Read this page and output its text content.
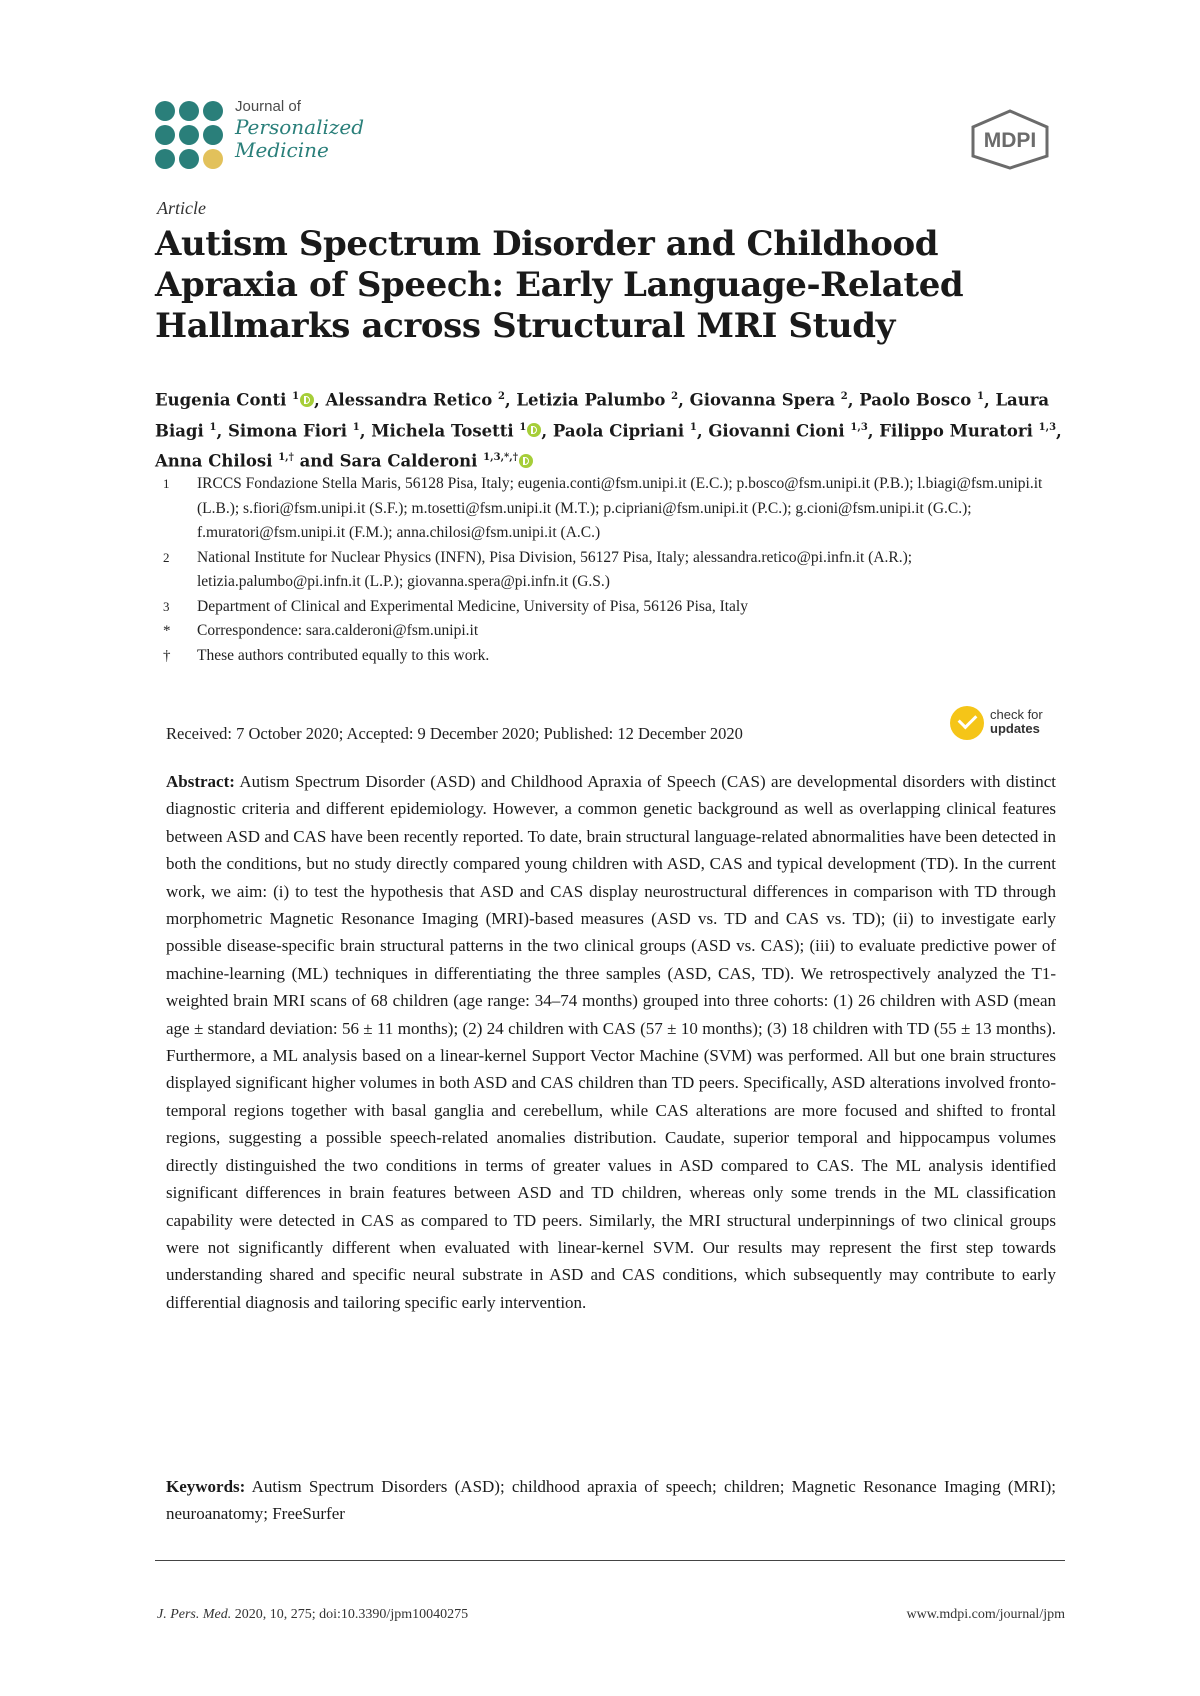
Journal of
Personalized
Medicine	MDPI
Article
Autism Spectrum Disorder and Childhood Apraxia of Speech: Early Language-Related Hallmarks across Structural MRI Study

Eugenia Conti $^1$ , Alessandra Retico $^2$, Letizia Palumbo $^2$, Giovanna Spera $^2$, Paolo Bosco $^1$, Laura Biagi $^1$, Simona Fiori $^1$, Michela Tosetti $^1$ , Paola Cipriani $^1$, Giovanni Cioni $^{1,3}$, Filippo Muratori $^{1,3}$, Anna Chilosi $^{1,\dagger}$ and Sara Calderoni $^{1,3,*,\dagger}$

1	IRCCS Fondazione Stella Maris, 56128 Pisa, Italy; eugenia.conti@fsm.unipi.it (E.C.); p.bosco@fsm.unipi.it (P.B.); l.biagi@fsm.unipi.it (L.B.); s.fiori@fsm.unipi.it (S.F.); m.tosetti@fsm.unipi.it (M.T.); p.cipriani@fsm.unipi.it (P.C.); g.cioni@fsm.unipi.it (G.C.); f.muratori@fsm.unipi.it (F.M.); anna.chilosi@fsm.unipi.it (A.C.)
2	National Institute for Nuclear Physics (INFN), Pisa Division, 56127 Pisa, Italy; alessandra.retico@pi.infn.it (A.R.); letizia.palumbo@pi.infn.it (L.P.); giovanna.spera@pi.infn.it (G.S.)
3	Department of Clinical and Experimental Medicine, University of Pisa, 56126 Pisa, Italy
*	Correspondence: sara.calderoni@fsm.unipi.it
†	These authors contributed equally to this work.
Received: 7 October 2020; Accepted: 9 December 2020; Published: 12 December 2020
check for
updates

Abstract: Autism Spectrum Disorder (ASD) and Childhood Apraxia of Speech (CAS) are developmental disorders with distinct diagnostic criteria and different epidemiology. However, a common genetic background as well as overlapping clinical features between ASD and CAS have been recently reported. To date, brain structural language-related abnormalities have been detected in both the conditions, but no study directly compared young children with ASD, CAS and typical development (TD). In the current work, we aim: (i) to test the hypothesis that ASD and CAS display neurostructural differences in comparison with TD through morphometric Magnetic Resonance Imaging (MRI)-based measures (ASD vs. TD and CAS vs. TD); (ii) to investigate early possible disease-specific brain structural patterns in the two clinical groups (ASD vs. CAS); (iii) to evaluate predictive power of machine-learning (ML) techniques in differentiating the three samples (ASD, CAS, TD). We retrospectively analyzed the T1-weighted brain MRI scans of 68 children (age range: 34–74 months) grouped into three cohorts: (1) 26 children with ASD (mean age ± standard deviation: 56 ± 11 months); (2) 24 children with CAS (57 ± 10 months); (3) 18 children with TD (55 ± 13 months). Furthermore, a ML analysis based on a linear-kernel Support Vector Machine (SVM) was performed. All but one brain structures displayed significant higher volumes in both ASD and CAS children than TD peers. Specifically, ASD alterations involved fronto-temporal regions together with basal ganglia and cerebellum, while CAS alterations are more focused and shifted to frontal regions, suggesting a possible speech-related anomalies distribution. Caudate, superior temporal and hippocampus volumes directly distinguished the two conditions in terms of greater values in ASD compared to CAS. The ML analysis identified significant differences in brain features between ASD and TD children, whereas only some trends in the ML classification capability were detected in CAS as compared to TD peers. Similarly, the MRI structural underpinnings of two clinical groups were not significantly different when evaluated with linear-kernel SVM. Our results may represent the first step towards understanding shared and specific neural substrate in ASD and CAS conditions, which subsequently may contribute to early differential diagnosis and tailoring specific early intervention.

Keywords: Autism Spectrum Disorders (ASD); childhood apraxia of speech; children; Magnetic Resonance Imaging (MRI); neuroanatomy; FreeSurfer

J. Pers. Med. 2020, 10, 275; doi:10.3390/jpm10040275	www.mdpi.com/journal/jpm
